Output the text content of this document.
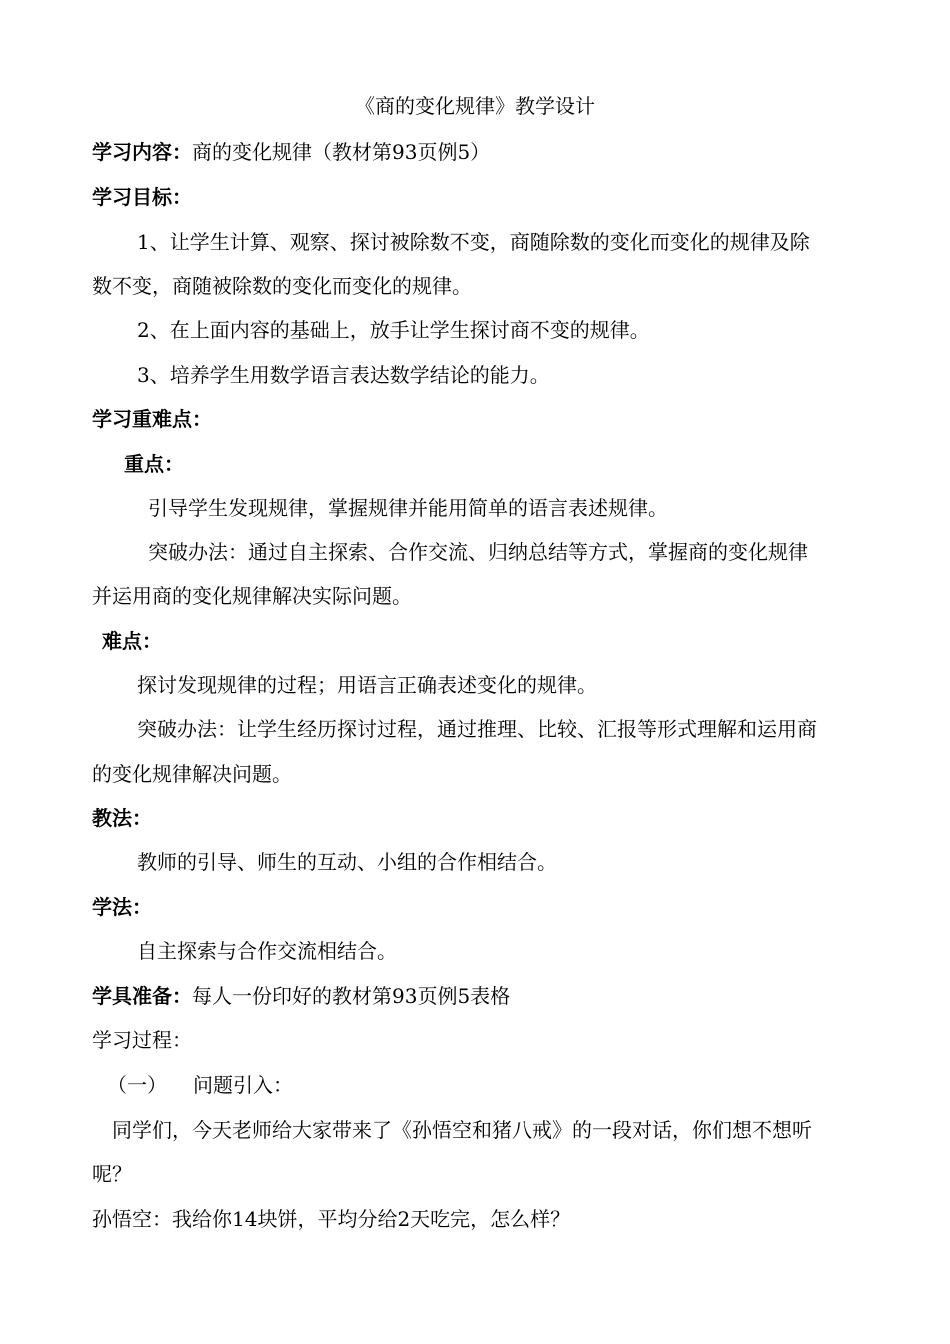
《商的变化规律》教学设计
学习内容：商的变化规律（教材第93页例5）
学习目标：
1、让学生计算、观察、探讨被除数不变，商随除数的变化而变化的规律及除
数不变，商随被除数的变化而变化的规律。
2、在上面内容的基础上，放手让学生探讨商不变的规律。
3、培养学生用数学语言表达数学结论的能力。
学习重难点：
重点：
引导学生发现规律，掌握规律并能用简单的语言表述规律。
突破办法：通过自主探索、合作交流、归纳总结等方式，掌握商的变化规律
并运用商的变化规律解决实际问题。
难点：
探讨发现规律的过程；用语言正确表述变化的规律。
突破办法：让学生经历探讨过程，通过推理、比较、汇报等形式理解和运用商
的变化规律解决问题。
教法：
教师的引导、师生的互动、小组的合作相结合。
学法：
自主探索与合作交流相结合。
学具准备：每人一份印好的教材第93页例5表格
学习过程：
（一） 问题引入：
同学们，今天老师给大家带来了《孙悟空和猪八戒》的一段对话，你们想不想听
呢？
孙悟空：我给你14块饼，平均分给2天吃完，怎么样？
